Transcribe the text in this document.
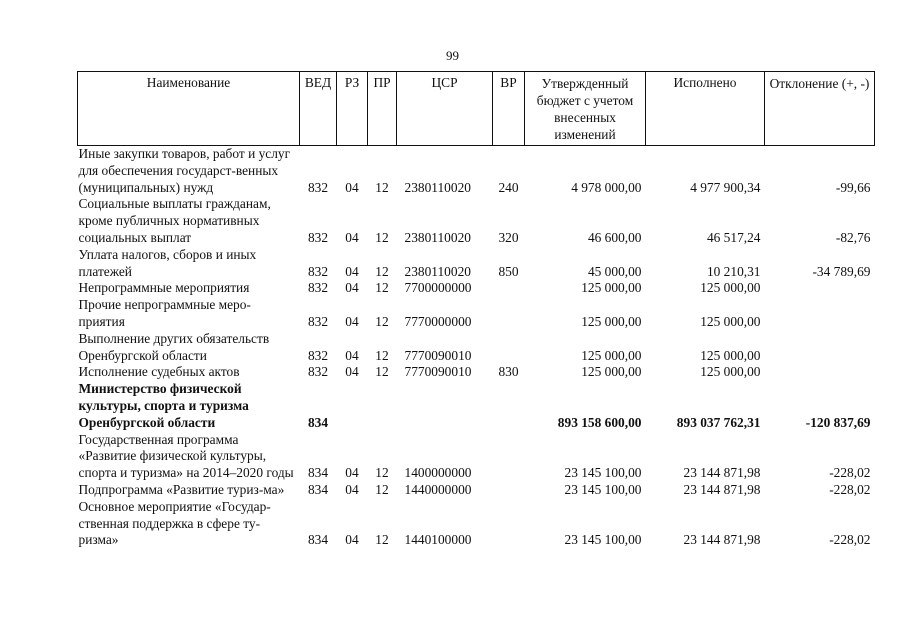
99
Наименование	ВЕД	РЗ	ПР	ЦСР	ВР	Утвержденный бюджет с учетом внесенных изменений	Исполнено	Отклонение (+, -)
Иные закупки товаров, работ и услуг для обеспечения государст-венных (муниципальных) нужд	832	04	12	2380110020	240	4 978 000,00	4 977 900,34	-99,66
Социальные выплаты гражданам, кроме публичных нормативных социальных выплат	832	04	12	2380110020	320	46 600,00	46 517,24	-82,76
Уплата налогов, сборов и иных платежей	832	04	12	2380110020	850	45 000,00	10 210,31	-34 789,69
Непрограммные мероприятия	832	04	12	7700000000		125 000,00	125 000,00	
Прочие непрограммные меро-приятия	832	04	12	7770000000		125 000,00	125 000,00	
Выполнение других обязательств Оренбургской области	832	04	12	7770090010		125 000,00	125 000,00	
Исполнение судебных актов	832	04	12	7770090010	830	125 000,00	125 000,00	
Министерство физической культуры, спорта и туризма Оренбургской области	834					893 158 600,00	893 037 762,31	-120 837,69
Государственная программа «Развитие физической культуры, спорта и туризма» на 2014–2020 годы	834	04	12	1400000000		23 145 100,00	23 144 871,98	-228,02
Подпрограмма «Развитие туриз-ма»	834	04	12	1440000000		23 145 100,00	23 144 871,98	-228,02
Основное мероприятие «Государ-ственная поддержка в сфере ту-ризма»	834	04	12	1440100000		23 145 100,00	23 144 871,98	-228,02
